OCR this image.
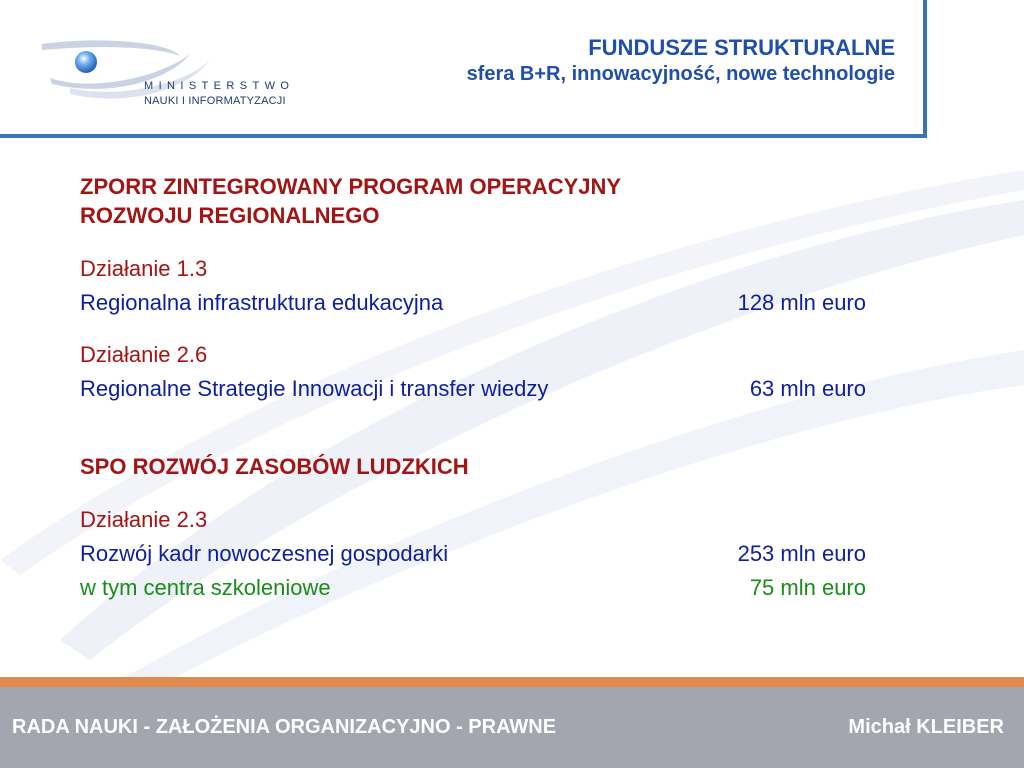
MINISTERSTWO
NAUKI I INFORMATYZACJI
FUNDUSZE STRUKTURALNE
sfera B+R, innowacyjność, nowe technologie
ZPORR ZINTEGROWANY PROGRAM OPERACYJNY
ROZWOJU REGIONALNEGO
Działanie 1.3
Regionalna infrastruktura edukacyjna	128 mln euro
Działanie 2.6
Regionalne Strategie Innowacji i transfer wiedzy	63 mln euro
SPO ROZWÓJ ZASOBÓW LUDZKICH
Działanie 2.3
Rozwój kadr nowoczesnej gospodarki	253 mln euro
w tym centra szkoleniowe	75 mln euro
RADA NAUKI - ZAŁOŻENIA ORGANIZACYJNO - PRAWNE	Michał KLEIBER
